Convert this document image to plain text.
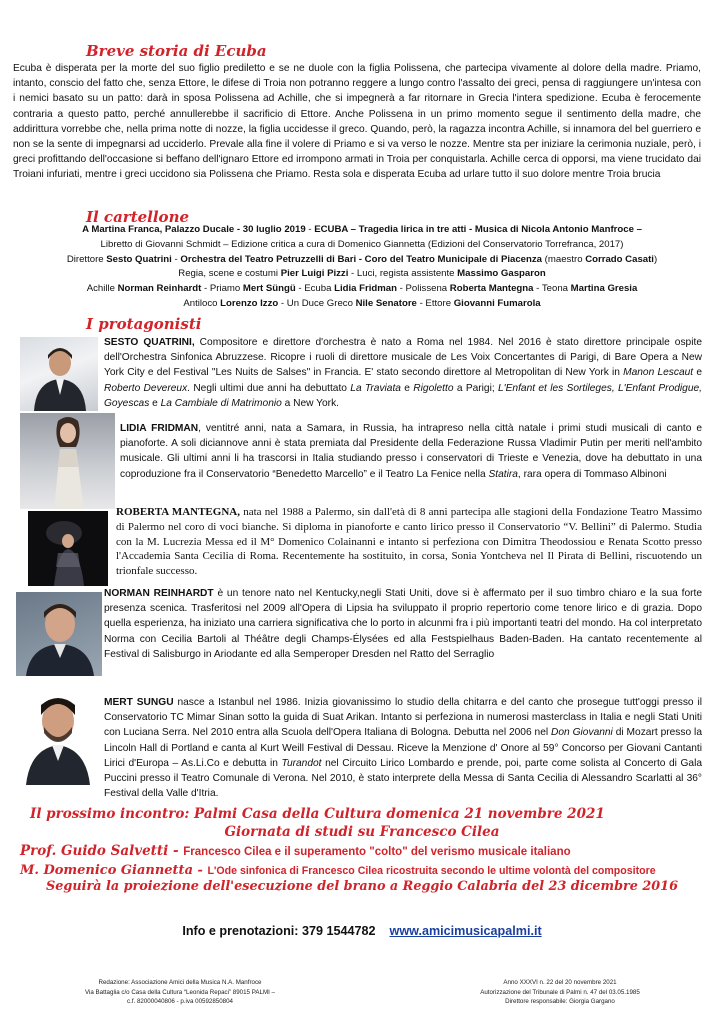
Breve storia di Ecuba
Ecuba è disperata per la morte del suo figlio prediletto e se ne duole con la figlia Polissena, che partecipa vivamente al dolore della madre. Priamo, intanto, conscio del fatto che, senza Ettore, le difese di Troia non potranno reggere a lungo contro l'assalto dei greci, pensa di raggiungere un'intesa con i nemici basato su un patto: darà in sposa Polissena ad Achille, che si impegnerà a far ritornare in Grecia l'intera spedizione. Ecuba è ferocemente contraria a questo patto, perché annullerebbe il sacrificio di Ettore. Anche Polissena in un primo momento segue il sentimento della madre, che addirittura vorrebbe che, nella prima notte di nozze, la figlia uccidesse il greco. Quando, però, la ragazza incontra Achille, si innamora del bel guerriero e non se la sente di impegnarsi ad ucciderlo. Prevale alla fine il volere di Priamo e si va verso le nozze. Mentre sta per iniziare la cerimonia nuziale, però, i greci profittando dell'occasione si beffano dell'ignaro Ettore ed irrompono armati in Troia per conquistarla. Achille cerca di opporsi, ma viene trucidato dai Troiani infuriati, mentre i greci uccidono sia Polissena che Priamo. Resta sola e disperata Ecuba ad urlare tutto il suo dolore mentre Troia brucia
Il cartellone
A Martina Franca, Palazzo Ducale - 30 luglio 2019 - ECUBA – Tragedia lirica in tre atti - Musica di Nicola Antonio Manfroce –
Libretto di Giovanni Schmidt – Edizione critica a cura di Domenico Giannetta (Edizioni del Conservatorio Torrefranca, 2017)
Direttore Sesto Quatrini - Orchestra del Teatro Petruzzelli di Bari - Coro del Teatro Municipale di Piacenza (maestro Corrado Casati)
Regia, scene e costumi Pier Luigi Pizzi - Luci, regista assistente Massimo Gasparon
Achille Norman Reinhardt - Priamo Mert Süngü - Ecuba Lidia Fridman - Polissena Roberta Mantegna - Teona Martina Gresia
Antiloco Lorenzo Izzo - Un Duce Greco Nile Senatore - Ettore Giovanni Fumarola
I protagonisti
SESTO QUATRINI, Compositore e direttore d'orchestra è nato a Roma nel 1984. Nel 2016 è stato direttore principale ospite dell'Orchestra Sinfonica Abruzzese. Ricopre i ruoli di direttore musicale de Les Voix Concertantes di Parigi, di Bare Opera a New York City e del Festival "Les Nuits de Salses" in Francia. E' stato secondo direttore al Metropolitan di New York in Manon Lescaut e Roberto Devereux. Negli ultimi due anni ha debuttato La Traviata e Rigoletto a Parigi; L'Enfant et les Sortileges, L'Enfant Prodigue, Goyescas e La Cambiale di Matrimonio a New York.
LIDIA FRIDMAN, ventitré anni, nata a Samara, in Russia, ha intrapreso nella città natale i primi studi musicali di canto e pianoforte. A soli diciannove anni è stata premiata dal Presidente della Federazione Russa Vladimir Putin per meriti nell'ambito musicale. Gli ultimi anni li ha trascorsi in Italia studiando presso i conservatori di Trieste e Venezia, dove ha debuttato in una coproduzione fra il Conservatorio “Benedetto Marcello” e il Teatro La Fenice nella Statira, rara opera di Tommaso Albinoni
ROBERTA MANTEGNA, nata nel 1988 a Palermo, sin dall'età di 8 anni partecipa alle stagioni della Fondazione Teatro Massimo di Palermo nel coro di voci bianche. Si diploma in pianoforte e canto lirico presso il Conservatorio “V. Bellini” di Palermo. Studia con la M. Lucrezia Messa ed il M° Domenico Colainanni e intanto si perfeziona con Dimitra Theodossiou e Renata Scotto presso l'Accademia Santa Cecilia di Roma. Recentemente ha sostituito, in corsa, Sonia Yontcheva nel Il Pirata di Bellini, riscuotendo un trionfale successo.
NORMAN REINHARDT è un tenore nato nel Kentucky,negli Stati Uniti, dove si è affermato per il suo timbro chiaro e la sua forte presenza scenica. Trasferitosi nel 2009 all'Opera di Lipsia ha sviluppato il proprio repertorio come tenore lirico e di grazia. Dopo quella esperienza, ha iniziato una carriera significativa che lo porto in alcunmi fra i più importanti teatri del mondo. Ha col interpretato Norma con Cecilia Bartoli al Théâtre degli Champs-Élysées ed alla Festspielhaus Baden-Baden. Ha cantato recentemente al Festival di Salisburgo in Ariodante ed alla Semperoper Dresden nel Ratto del Serraglio
MERT SUNGU nasce a Istanbul nel 1986. Inizia giovanissimo lo studio della chitarra e del canto che prosegue tutt'oggi presso il Conservatorio TC Mimar Sinan sotto la guida di Suat Arikan. Intanto si perfeziona in numerosi masterclass in Italia e negli Stati Uniti con Luciana Serra. Nel 2010 entra alla Scuola dell'Opera Italiana di Bologna. Debutta nel 2006 nel Don Giovanni di Mozart presso la Lincoln Hall di Portland e canta al Kurt Weill Festival di Dessau. Riceve la Menzione d' Onore al 59° Concorso per Giovani Cantanti Lirici d'Europa – As.Li.Co e debutta in Turandot nel Circuito Lirico Lombardo e prende, poi, parte come solista al Concerto di Gala Puccini presso il Teatro Comunale di Verona. Nel 2010, è stato interprete della Messa di Santa Cecilia di Alessandro Scarlatti al 36° Festival della Valle d'Itria.
Il prossimo incontro: Palmi Casa della Cultura domenica 21 novembre 2021
Giornata di studi su Francesco Cilea
Prof. Guido Salvetti - Francesco Cilea e il superamento "colto" del verismo musicale italiano
M. Domenico Giannetta - L'Ode sinfonica di Francesco Cilea ricostruita secondo le ultime volontà del compositore
Seguirà la proiezione dell'esecuzione del brano a Reggio Calabria del 23 dicembre 2016
Info e prenotazioni: 379 1544782 www.amicimusicapalmi.it
Redazione: Associazione Amici della Musica N.A. Manfroce
Via Battaglia c/o Casa della Cultura “Leonida Repaci” 89015 PALMI –
c.f. 82000040806 - p.iva 00592850804
Anno XXXVI n. 22 del 20 novembre 2021
Autorizzazione del Tribunale di Palmi n. 47 del 03.05.1985
Direttore responsabile: Giorgia Gargano
